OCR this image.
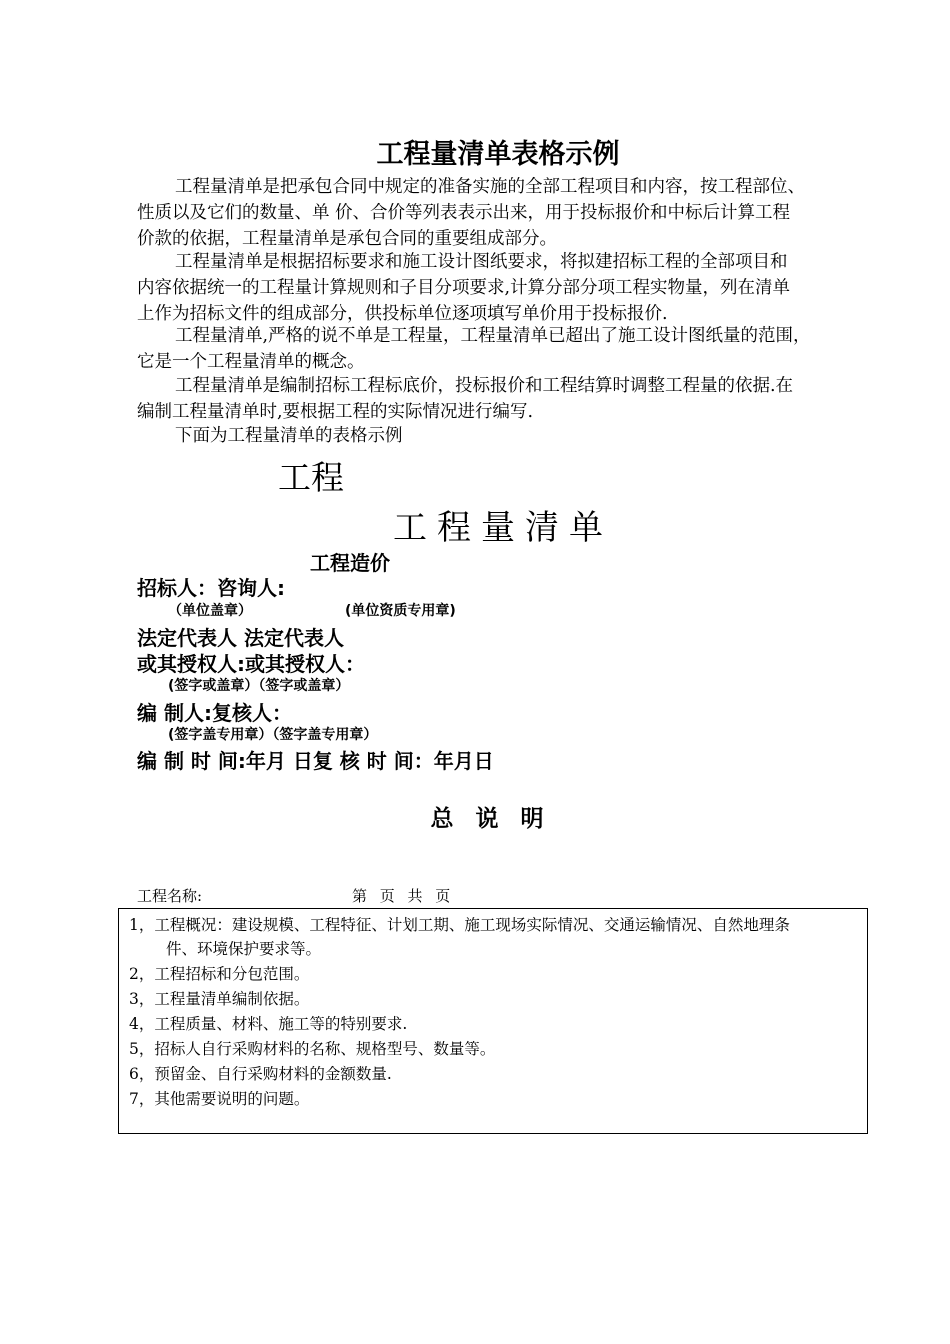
工程量清单表格示例
工程量清单是把承包合同中规定的准备实施的全部工程项目和内容，按工程部位、
性质以及它们的数量、单 价、合价等列表表示出来，用于投标报价和中标后计算工程
价款的依据，工程量清单是承包合同的重要组成部分。
工程量清单是根据招标要求和施工设计图纸要求，将拟建招标工程的全部项目和
内容依据统一的工程量计算规则和子目分项要求,计算分部分项工程实物量，列在清单
上作为招标文件的组成部分，供投标单位逐项填写单价用于投标报价.
工程量清单,严格的说不单是工程量，工程量清单已超出了施工设计图纸量的范围，
它是一个工程量清单的概念。
工程量清单是编制招标工程标底价，投标报价和工程结算时调整工程量的依据.在
编制工程量清单时,要根据工程的实际情况进行编写.
下面为工程量清单的表格示例
工程
工程量清单
工程造价
招标人：咨询人:
（单位盖章）	(单位资质专用章)
法定代表人 法定代表人
或其授权人:或其授权人：
(签字或盖章）（签字或盖章）
编 制人:复核人：
(签字盖专用章）（签字盖专用章）
编 制 时 间:年月 日复 核 时 间：年月日
总说明
工程名称:	第 页 共 页
1，工程概况：建设规模、工程特征、计划工期、施工现场实际情况、交通运输情况、自然地理条
件、环境保护要求等。
2，工程招标和分包范围。
3，工程量清单编制依据。
4，工程质量、材料、施工等的特别要求.
5，招标人自行采购材料的名称、规格型号、数量等。
6，预留金、自行采购材料的金额数量.
7，其他需要说明的问题。
